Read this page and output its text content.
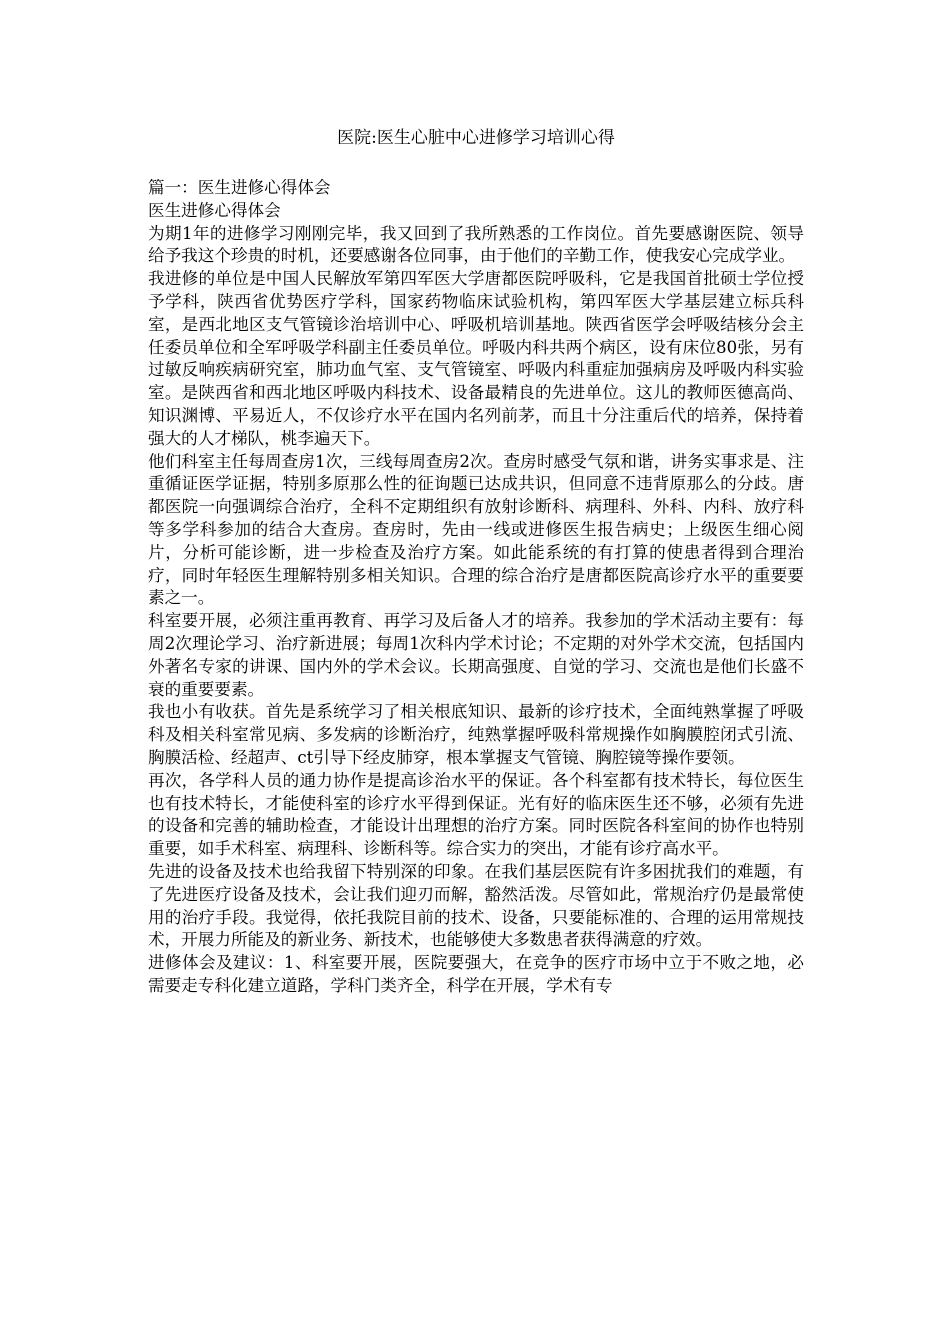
医院:医生心脏中心进修学习培训心得

篇一：医生进修心得体会

医生进修心得体会

为期1年的进修学习刚刚完毕，我又回到了我所熟悉的工作岗位。首先要感谢医院、领导给予我这个珍贵的时机，还要感谢各位同事，由于他们的辛勤工作，使我安心完成学业。

我进修的单位是中国人民解放军第四军医大学唐都医院呼吸科，它是我国首批硕士学位授予学科，陕西省优势医疗学科，国家药物临床试验机构，第四军医大学基层建立标兵科室，是西北地区支气管镜诊治培训中心、呼吸机培训基地。陕西省医学会呼吸结核分会主任委员单位和全军呼吸学科副主任委员单位。呼吸内科共两个病区，设有床位80张，另有过敏反响疾病研究室，肺功血气室、支气管镜室、呼吸内科重症加强病房及呼吸内科实验室。是陕西省和西北地区呼吸内科技术、设备最精良的先进单位。这儿的教师医德高尚、知识渊博、平易近人，不仅诊疗水平在国内名列前茅，而且十分注重后代的培养，保持着强大的人才梯队，桃李遍天下。

他们科室主任每周查房1次，三线每周查房2次。查房时感受气氛和谐，讲务实事求是、注重循证医学证据，特别多原那么性的征询题已达成共识，但同意不违背原那么的分歧。唐都医院一向强调综合治疗，全科不定期组织有放射诊断科、病理科、外科、内科、放疗科等多学科参加的结合大查房。查房时，先由一线或进修医生报告病史；上级医生细心阅片，分析可能诊断，进一步检查及治疗方案。如此能系统的有打算的使患者得到合理治疗，同时年轻医生理解特别多相关知识。合理的综合治疗是唐都医院高诊疗水平的重要要素之一。

科室要开展，必须注重再教育、再学习及后备人才的培养。我参加的学术活动主要有：每周2次理论学习、治疗新进展；每周1次科内学术讨论；不定期的对外学术交流，包括国内外著名专家的讲课、国内外的学术会议。长期高强度、自觉的学习、交流也是他们长盛不衰的重要要素。

我也小有收获。首先是系统学习了相关根底知识、最新的诊疗技术，全面纯熟掌握了呼吸科及相关科室常见病、多发病的诊断治疗，纯熟掌握呼吸科常规操作如胸膜腔闭式引流、胸膜活检、经超声、ct引导下经皮肺穿，根本掌握支气管镜、胸腔镜等操作要领。

再次，各学科人员的通力协作是提高诊治水平的保证。各个科室都有技术特长，每位医生也有技术特长，才能使科室的诊疗水平得到保证。光有好的临床医生还不够，必须有先进的设备和完善的辅助检查，才能设计出理想的治疗方案。同时医院各科室间的协作也特别重要，如手术科室、病理科、诊断科等。综合实力的突出，才能有诊疗高水平。

先进的设备及技术也给我留下特别深的印象。在我们基层医院有许多困扰我们的难题，有了先进医疗设备及技术，会让我们迎刃而解，豁然活泼。尽管如此，常规治疗仍是最常使用的治疗手段。我觉得，依托我院目前的技术、设备，只要能标准的、合理的运用常规技术，开展力所能及的新业务、新技术，也能够使大多数患者获得满意的疗效。

进修体会及建议：1、科室要开展，医院要强大，在竞争的医疗市场中立于不败之地，必需要走专科化建立道路，学科门类齐全，科学在开展，学术有专
